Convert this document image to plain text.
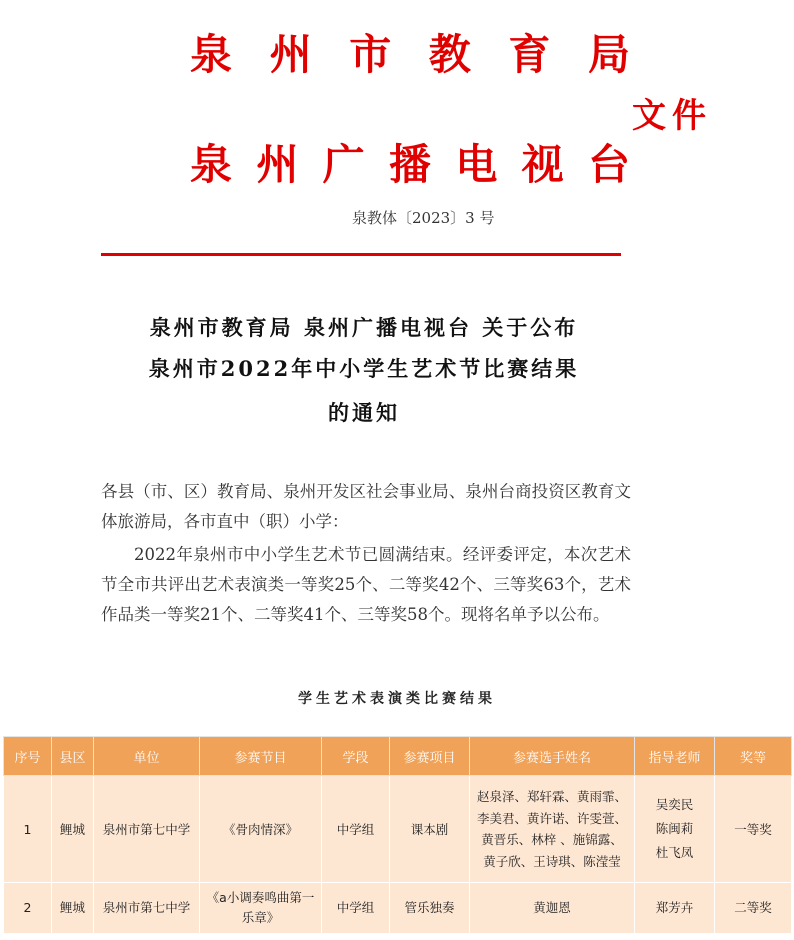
泉 州 市 教 育 局
文件
泉 州 广 播 电 视 台
泉教体〔2023〕3 号
泉州市教育局 泉州广播电视台 关于公布
泉州市2022年中小学生艺术节比赛结果
的通知
各县（市、区）教育局、泉州开发区社会事业局、泉州台商投资区教育文体旅游局，各市直中（职）小学：
2022年泉州市中小学生艺术节已圆满结束。经评委评定，本次艺术节全市共评出艺术表演类一等奖25个、二等奖42个、三等奖63个，艺术作品类一等奖21个、二等奖41个、三等奖58个。现将名单予以公布。
学生艺术表演类比赛结果
序号	县区	单位	参赛节目	学段	参赛项目	参赛选手姓名	指导老师	奖等
1	鲤城	泉州市第七中学	《骨肉情深》	中学组	课本剧	赵泉泽、郑轩霖、黄雨霏、
李美君、黄许诺、许雯萱、
黄晋乐、林梓 、施锦露、
黄子欣、王诗琪、陈滢莹	吴奕民
陈闽莉
杜飞凤	一等奖
2	鲤城	泉州市第七中学	《a小调奏鸣曲第一
乐章》	中学组	管乐独奏	黄迦恩	郑芳卉	二等奖
